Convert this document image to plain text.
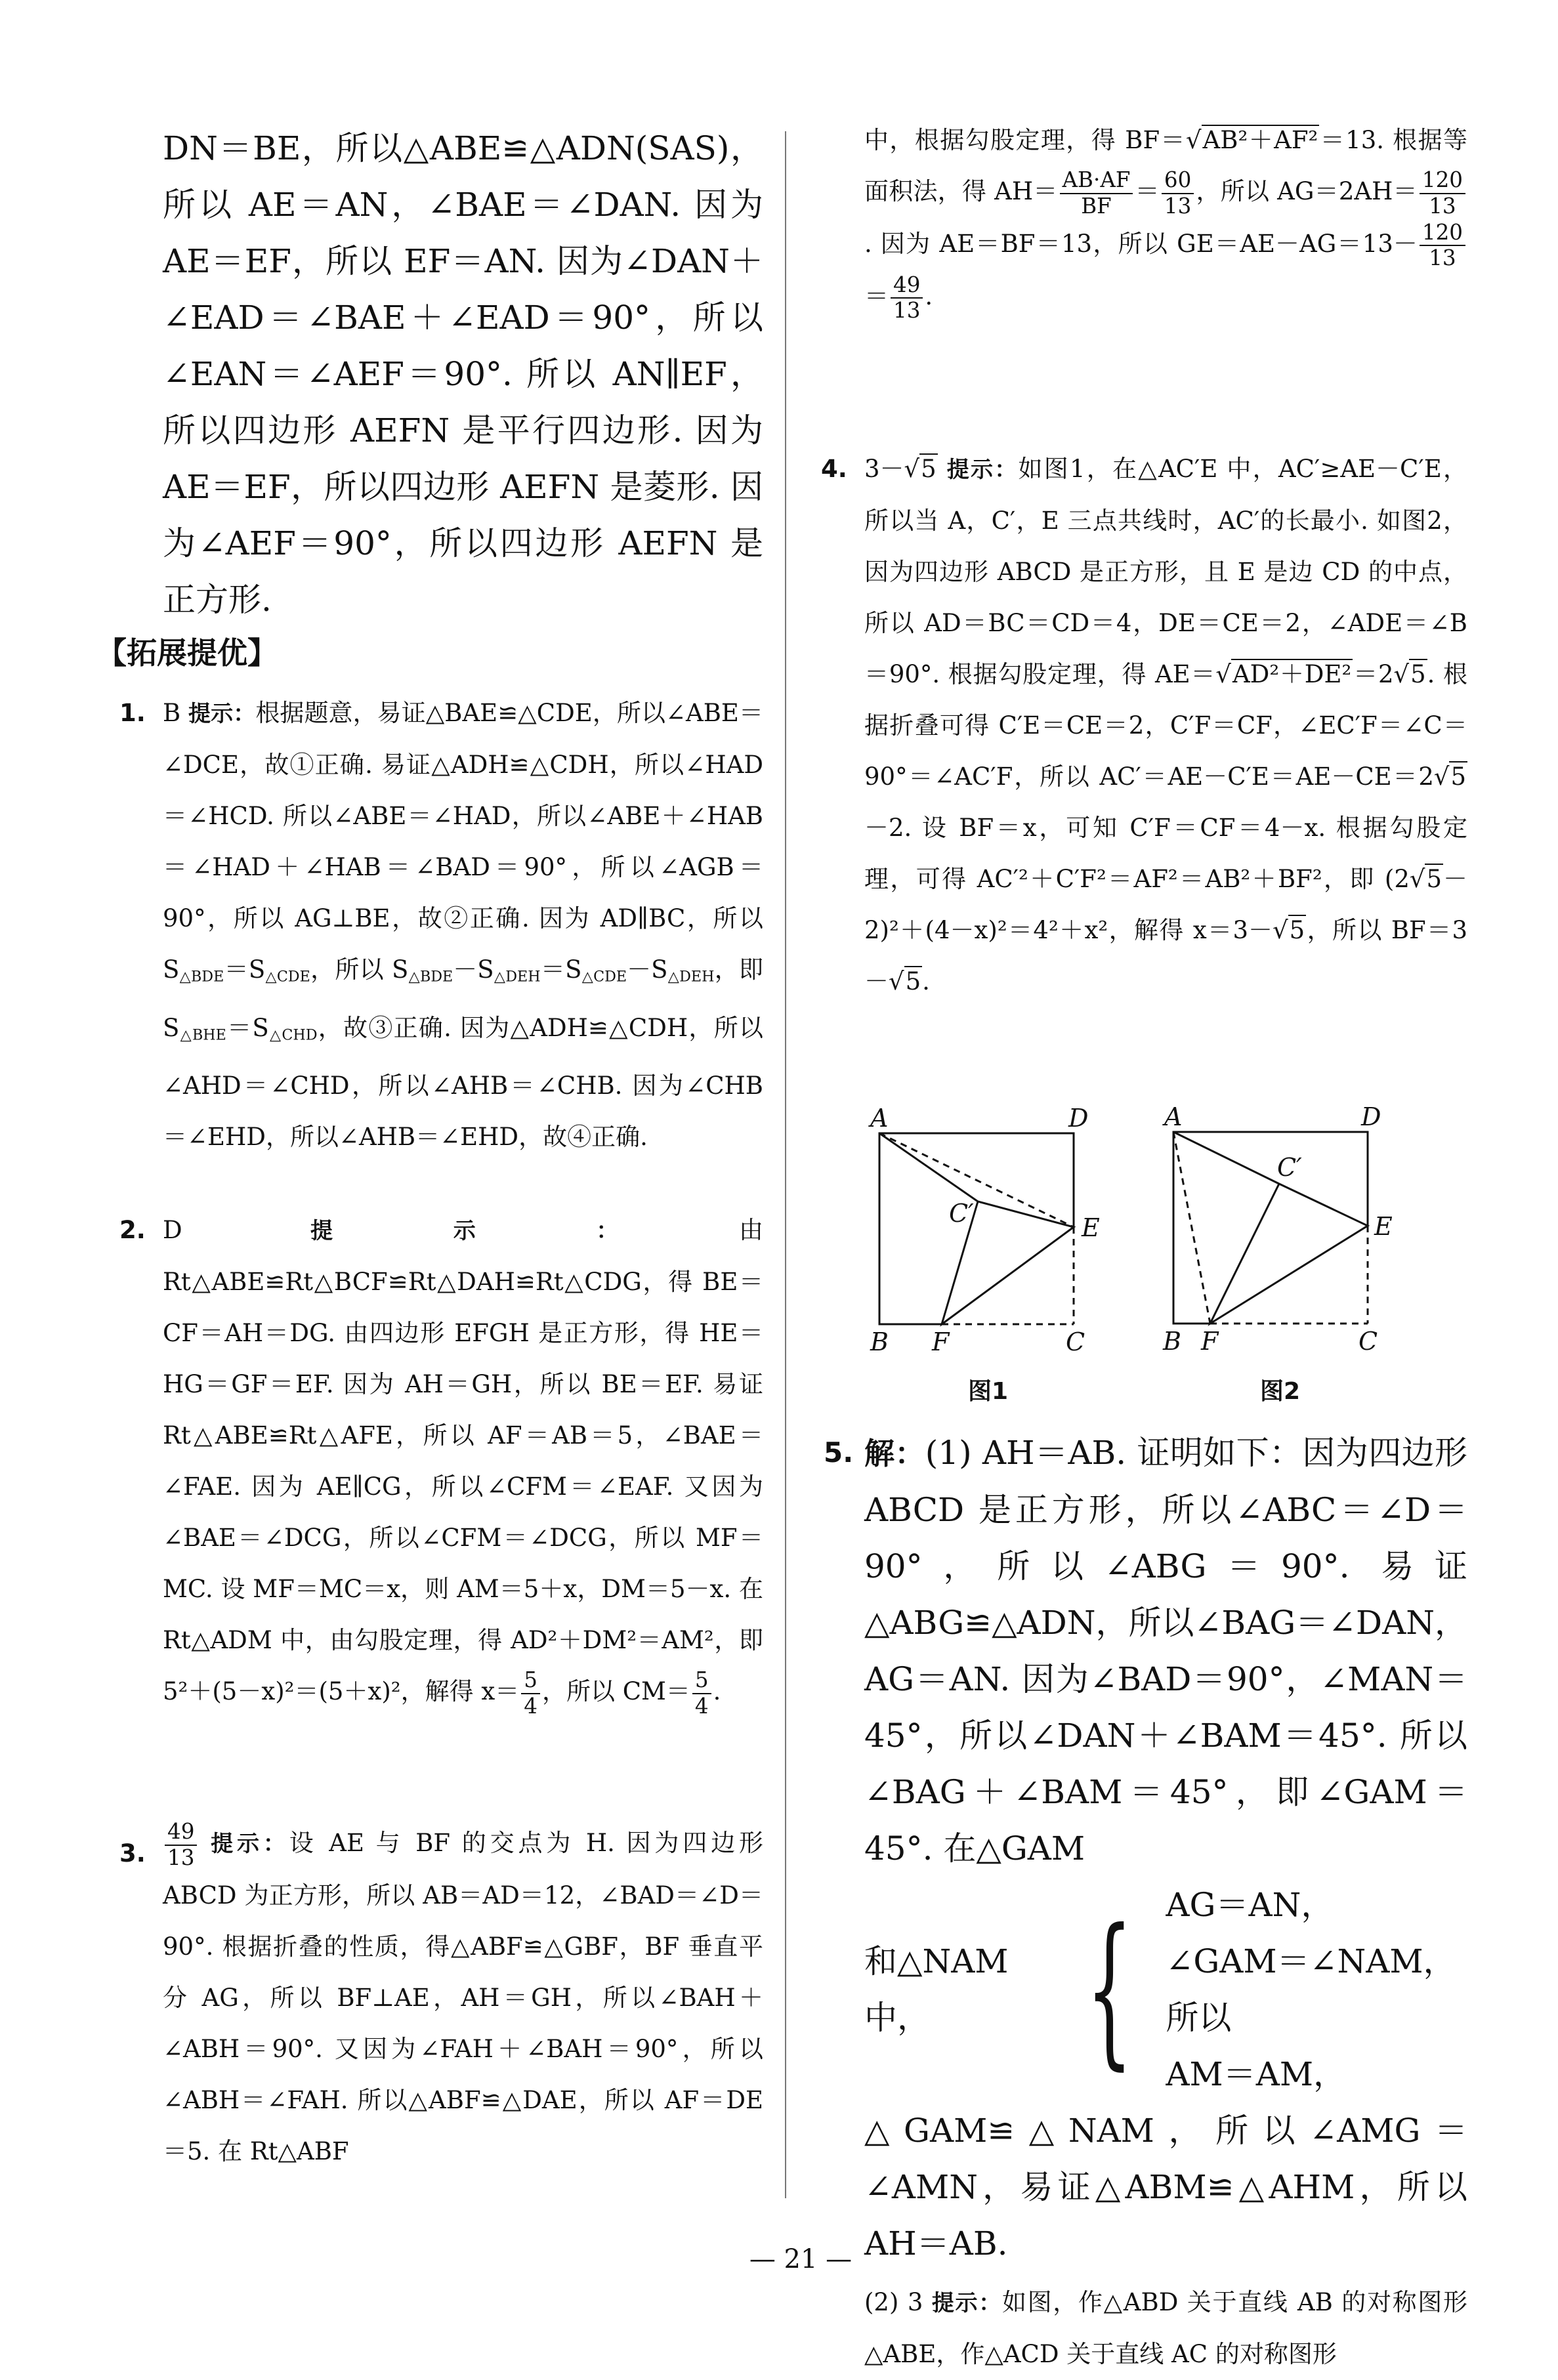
DN＝BE，所以△ABE≌△ADN(SAS)，所以 AE＝AN，∠BAE＝∠DAN. 因为 AE＝EF，所以 EF＝AN. 因为∠DAN＋∠EAD＝∠BAE＋∠EAD＝90°，所以∠EAN＝∠AEF＝90°. 所以 AN∥EF，所以四边形 AEFN 是平行四边形. 因为 AE＝EF，所以四边形 AEFN 是菱形. 因为∠AEF＝90°，所以四边形 AEFN 是正方形.

【拓展提优】

1. B 提示：根据题意，易证△BAE≌△CDE，所以∠ABE＝∠DCE，故①正确. 易证△ADH≌△CDH，所以∠HAD＝∠HCD. 所以∠ABE＝∠HAD，所以∠ABE＋∠HAB＝∠HAD＋∠HAB＝∠BAD＝90°，所以∠AGB＝90°，所以 AG⊥BE，故②正确. 因为 AD∥BC，所以 $S_{\triangle BDE}=S_{\triangle CDE}$，所以 $S_{\triangle BDE}-S_{\triangle DEH}=S_{\triangle CDE}-S_{\triangle DEH}$，即 $S_{\triangle BHE}=S_{\triangle CHD}$，故③正确. 因为△ADH≌△CDH，所以∠AHD＝∠CHD，所以∠AHB＝∠CHB. 因为∠CHB＝∠EHD，所以∠AHB＝∠EHD，故④正确.

2. D 提示：由 Rt△ABE≌Rt△BCF≌Rt△DAH≌Rt△CDG，得 BE＝CF＝AH＝DG. 由四边形 EFGH 是正方形，得 HE＝HG＝GF＝EF. 因为 AH＝GH，所以 BE＝EF. 易证 Rt△ABE≌Rt△AFE，所以 AF＝AB＝5，∠BAE＝∠FAE. 因为 AE∥CG，所以∠CFM＝∠EAF. 又因为∠BAE＝∠DCG，所以∠CFM＝∠DCG，所以 MF＝MC. 设 MF＝MC＝x，则 AM＝5＋x，DM＝5－x. 在 Rt△ADM 中，由勾股定理，得 AD²＋DM²＝AM²，即 5²＋(5－x)²＝(5＋x)²，解得 $x= \frac{5}{4}$ ，所以 $CM= \frac{5}{4}$ .

3. $\frac{49}{13}$ 提示：设 AE 与 BF 的交点为 H. 因为四边形 ABCD 为正方形，所以 AB＝AD＝12，∠BAD＝∠D＝90°. 根据折叠的性质，得△ABF≌△GBF，BF 垂直平分 AG，所以 BF⊥AE，AH＝GH，所以∠BAH＋∠ABH＝90°. 又因为∠FAH＋∠BAH＝90°，所以∠ABH＝∠FAH. 所以△ABF≌△DAE，所以 AF＝DE＝5. 在 Rt△ABF

中，根据勾股定理，得 BF＝√AB²＋AF²＝13. 根据等面积法，得 $AH= \frac{AB\cdot AF}{BF} = \frac{60}{13}$ ，所以 $AG=2AH= \frac{120}{13}$
. 因为 AE＝BF＝13，所以 $GE=AE-AG=13- \frac{120}{13}$
＝ $\frac{49}{13}$ .

4. 3－√5 提示：如图1，在△AC′E 中，AC′≥AE－C′E，所以当 A，C′，E 三点共线时，AC′的长最小. 如图2，因为四边形 ABCD 是正方形，且 E 是边 CD 的中点，所以 AD＝BC＝CD＝4，DE＝CE＝2，∠ADE＝∠B＝90°. 根据勾股定理，得 AE＝√AD²＋DE²＝2√5. 根据折叠可得 C′E＝CE＝2，C′F＝CF，∠EC′F＝∠C＝90°＝∠AC′F，所以 AC′＝AE－C′E＝AE－CE＝2√5－2. 设 BF＝x，可知 C′F＝CF＝4－x. 根据勾股定理，可得 AC′²＋C′F²＝AF²＝AB²＋BF²，即 (2√5－2)²＋(4－x)²＝4²＋x²，解得 x＝3－√5，所以 BF＝3－√5.

A	D
E
B F	C
C′
图1
A	D
E
B F	C
C′
图2
5. 解：(1) AH＝AB. 证明如下：因为四边形 ABCD 是正方形，所以∠ABC＝∠D＝90°，所以∠ABG＝90°. 易证△ABG≌△ADN，所以∠BAG＝∠DAN，AG＝AN. 因为∠BAD＝90°，∠MAN＝45°，所以∠DAN＋∠BAM＝45°. 所以∠BAG＋∠BAM＝45°，即∠GAM＝45°. 在△GAM

和△NAM 中， { AG＝AN，
∠GAM＝∠NAM，所以
AM＝AM，

△GAM≌△NAM，所以∠AMG＝∠AMN，易证△ABM≌△AHM，所以 AH＝AB.

(2) 3 提示：如图，作△ABD 关于直线 AB 的对称图形△ABE，作△ACD 关于直线 AC 的对称图形

— 21 —
